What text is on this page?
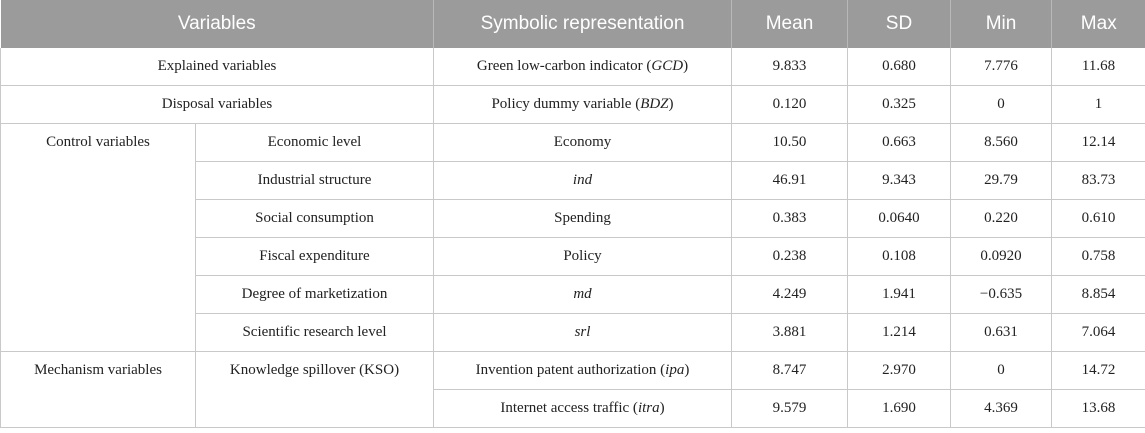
Variables		Symbolic representation	Mean	SD	Min	Max
Explained variables		Green low-carbon indicator (GCD)	9.833	0.680	7.776	11.68
Disposal variables		Policy dummy variable (BDZ)	0.120	0.325	0	1
Control variables	Economic level	Economy	10.50	0.663	8.560	12.14
	Industrial structure	ind	46.91	9.343	29.79	83.73
	Social consumption	Spending	0.383	0.0640	0.220	0.610
	Fiscal expenditure	Policy	0.238	0.108	0.0920	0.758
	Degree of marketization	md	4.249	1.941	−0.635	8.854
	Scientific research level	srl	3.881	1.214	0.631	7.064
Mechanism variables	Knowledge spillover (KSO)	Invention patent authorization (ipa)	8.747	2.970	0	14.72
		Internet access traffic (itra)	9.579	1.690	4.369	13.68
